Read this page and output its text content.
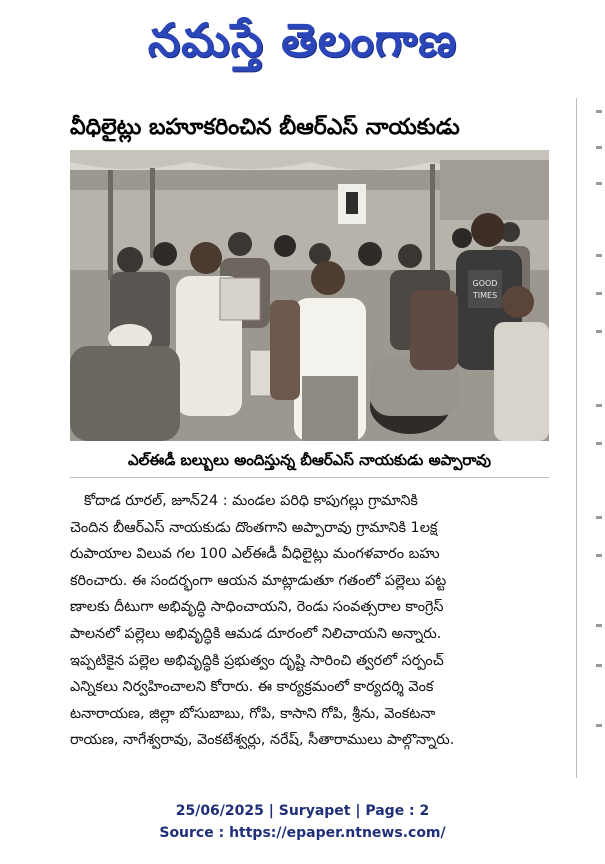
నమస్తే తెలంగాణ
వీధిలైట్లు బహూకరించిన బీఆర్‌ఎస్ నాయకుడు
GOOD
TIMES
ఎల్ఈడీ బల్బులు అందిస్తున్న బీఆర్ఎస్ నాయకుడు అప్పారావు
కోదాడ రూరల్, జూన్24 : మండల పరిధి కాపుగల్లు గ్రామానికి
చెందిన బీఆర్ఎస్ నాయకుడు దొంతగాని అప్పారావు గ్రామానికి 1లక్ష
రుపాయాల విలువ గల 100 ఎల్ఈడీ వీధిలైట్లు మంగళవారం బహు
కరించారు. ఈ సందర్భంగా ఆయన మాట్లాడుతూ గతంలో పల్లెలు పట్ట
ణాలకు దీటుగా అభివృద్ధి సాధించాయని, రెండు సంవత్సరాల కాంగ్రెస్
పాలనలో పల్లెలు అభివృద్ధికి ఆమడ దూరంలో నిలిచాయని అన్నారు.
ఇప్పటికైన పల్లెల అభివృద్ధికి ప్రభుత్వం దృష్టి సారించి త్వరలో సర్పంచ్
ఎన్నికలు నిర్వహించాలని కోరారు. ఈ కార్యక్రమంలో కార్యదర్శి వెంక
టనారాయణ, జిల్లా బోసుబాబు, గోపి, కాసాని గోపి, శ్రీను, వెంకటనా
రాయణ, నాగేశ్వరావు, వెంకటేశ్వర్లు, నరేష్, సీతారాములు పాల్గొన్నారు.
25/06/2025 | Suryapet | Page : 2
Source : https://epaper.ntnews.com/
